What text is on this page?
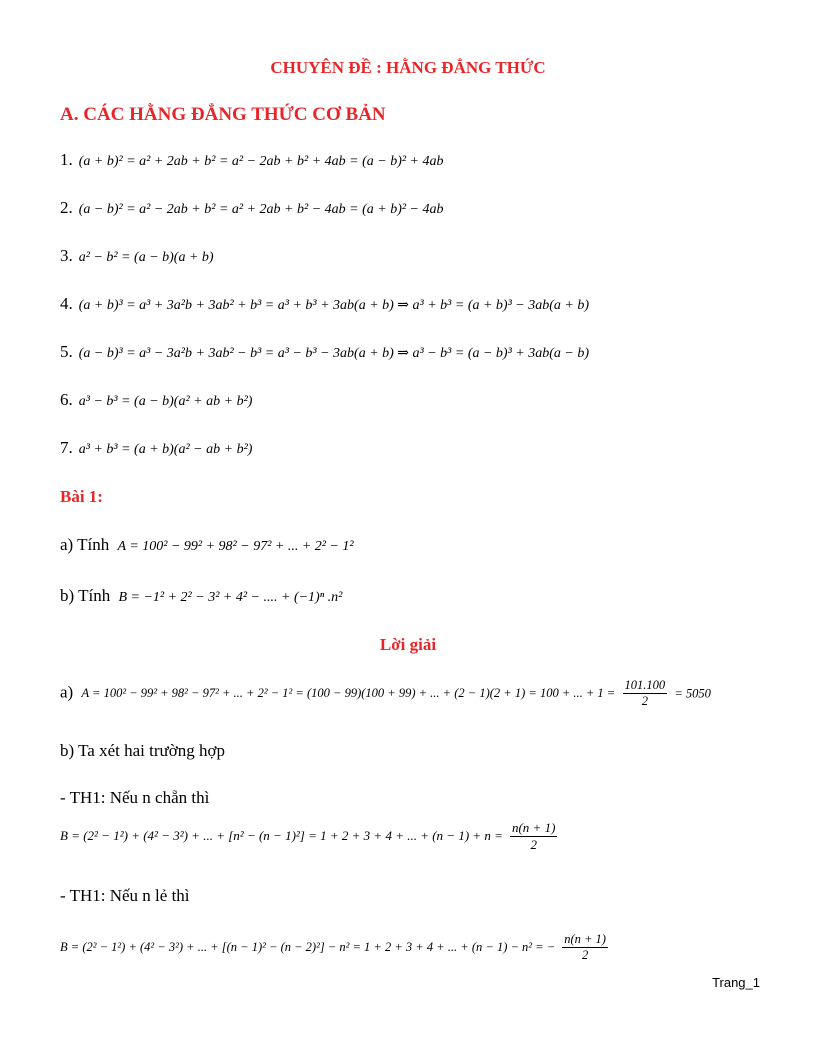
CHUYÊN ĐỀ : HẰNG ĐẲNG THỨC
A. CÁC HẰNG ĐẲNG THỨC CƠ BẢN
1. (a + b)² = a² + 2ab + b² = a² − 2ab + b² + 4ab = (a − b)² + 4ab
2. (a − b)² = a² − 2ab + b² = a² + 2ab + b² − 4ab = (a + b)² − 4ab
3. a² − b² = (a − b)(a + b)
4. (a + b)³ = a³ + 3a²b + 3ab² + b³ = a³ + b³ + 3ab(a + b) ⇒ a³ + b³ = (a + b)³ − 3ab(a + b)
5. (a − b)³ = a³ − 3a²b + 3ab² − b³ = a³ − b³ − 3ab(a + b) ⇒ a³ − b³ = (a − b)³ + 3ab(a − b)
6. a³ − b³ = (a − b)(a² + ab + b²)
7. a³ + b³ = (a + b)(a² − ab + b²)
Bài 1:
a) Tính A = 100² − 99² + 98² − 97² + ... + 2² − 1²
b) Tính B = −1² + 2² − 3² + 4² − .... + (−1)ⁿ .n²
Lời giải
a) A = 100² − 99² + 98² − 97² + ... + 2² − 1² = (100 − 99)(100 + 99) + ... + (2 − 1)(2 + 1) = 100 + ... + $1 = \frac{101.100}{2} = 5050$
b) Ta xét hai trường hợp
- TH1: Nếu n chẵn thì
B = (2² − 1²) + (4² − 3²) + ... + [n² − (n − 1)²] = 1 + 2 + 3 + 4 + ... + $(n - 1) + n = \frac{n(n + 1)}{2}$
- TH1: Nếu n lẻ thì
B = (2² − 1²) + (4² − 3²) + ... + [(n − 1)² − (n − 2)²] − n² = 1 + 2 + 3 + 4 + ... + (n − 1) − n² = − $\frac{n(n + 1)}{2}$
Trang_1
